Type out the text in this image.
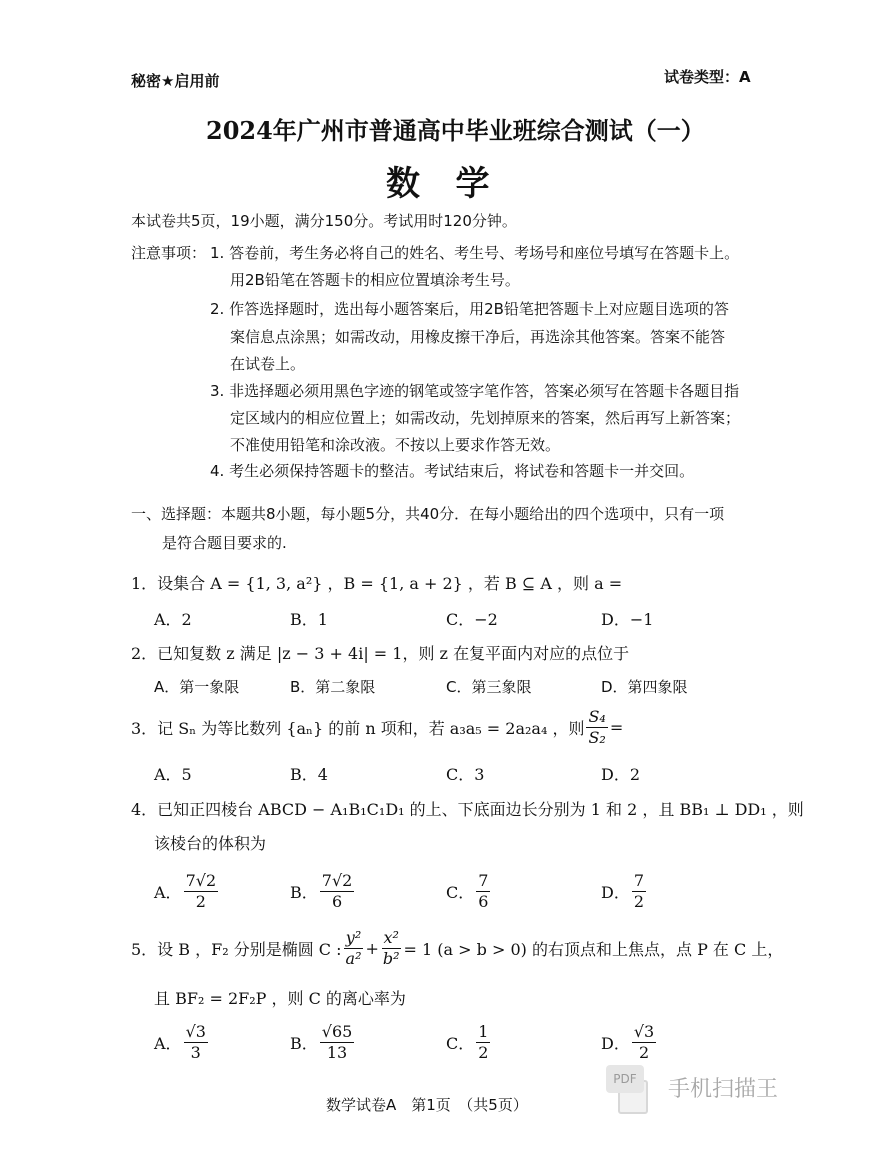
秘密★启用前	试卷类型：A
2024年广州市普通高中毕业班综合测试（一）
数   学
本试卷共5页，19小题，满分150分。考试用时120分钟。
注意事项： 1. 答卷前，考生务必将自己的姓名、考生号、考场号和座位号填写在答题卡上。
用2B铅笔在答题卡的相应位置填涂考生号。
2. 作答选择题时，选出每小题答案后，用2B铅笔把答题卡上对应题目选项的答
案信息点涂黑；如需改动，用橡皮擦干净后，再选涂其他答案。答案不能答
在试卷上。
3. 非选择题必须用黑色字迹的钢笔或签字笔作答，答案必须写在答题卡各题目指
定区域内的相应位置上；如需改动，先划掉原来的答案，然后再写上新答案；
不准使用铅笔和涂改液。不按以上要求作答无效。
4. 考生必须保持答题卡的整洁。考试结束后，将试卷和答题卡一并交回。
一、选择题：本题共8小题，每小题5分，共40分．在每小题给出的四个选项中，只有一项
是符合题目要求的.
1．设集合 A = {1, 3, a²} ，B = {1, a + 2} ，若 B ⊆ A ，则 a =
A．2	B．1	C．−2	D．−1
2．已知复数 z 满足 |z − 3 + 4i| = 1，则 z 在复平面内对应的点位于
A．第一象限	B．第二象限	C．第三象限	D．第四象限
3．记 Sₙ 为等比数列 {aₙ} 的前 n 项和，若 a₃a₅ = 2a₂a₄ ，则 $\frac{\text{S₄}}{\text{S₂}}$ =
A．5	B．4	C．3	D．2
4．已知正四棱台 ABCD − A₁B₁C₁D₁ 的上、下底面边长分别为 1 和 2 ，且 BB₁ ⊥ DD₁ ，则
该棱台的体积为
A． $\frac{7√2}{2}$	B． $\frac{7√2}{6}$	C． $\frac{7}{6}$	D． $\frac{7}{2}$
5．设 B ，F₂ 分别是椭圆 C : $\frac{\text{y²}}{\text{a²}} + \frac{\text{x²}}{\text{b²}} = 1$ (a > b > 0) 的右顶点和上焦点，点 P 在 C 上，
且 BF₂ = 2F₂P ，则 C 的离心率为
A． $\frac{√3}{3}$	B． $\frac{√65}{13}$	C． $\frac{1}{2}$	D． $\frac{√3}{2}$
PDF	手机扫描王
数学试卷A　第1页　（共5页）
